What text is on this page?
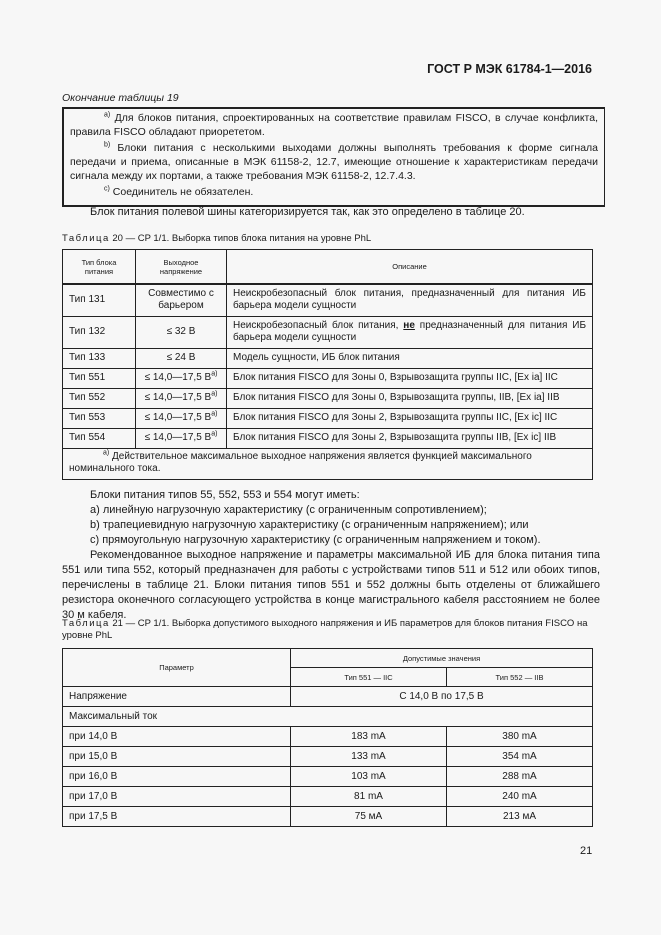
ГОСТ Р МЭК 61784-1—2016
Окончание таблицы 19

$^{a)}$ Для блоков питания, спроектированных на соответствие правилам FISCO, в случае конфликта, правила FISCO обладают приорететом.

$^{b)}$ Блоки питания с несколькими выходами должны выполнять требования к форме сигнала передачи и приема, описанные в МЭК 61158-2, 12.7, имеющие отношение к характеристикам передачи сигнала между их портами, а также требования МЭК 61158-2, 12.7.4.3.

$^{c)}$ Соединитель не обязателен.

Блок питания полевой шины категоризируется так, как это определено в таблице 20.

Таблица 20 — CP 1/1. Выборка типов блока питания на уровне PhL
Тип блока питания	Выходное напряжение	Описание
Тип 131	Совместимо с барьером	Неискробезопасный блок питания, предназначенный для питания ИБ барьера модели сущности
Тип 132	≤ 32 В	Неискробезопасный блок питания, не предназначенный для питания ИБ барьера модели сущности
Тип 133	≤ 24 В	Модель сущности, ИБ блок питания
Тип 551	≤ 14,0—17,5 $В^{a)}$	Блок питания FISCO для Зоны 0, Взрывозащита группы IIC, [Ex ia] IIC
Тип 552	≤ 14,0—17,5 $В^{a)}$	Блок питания FISCO для Зоны 0, Взрывозащита группы, IIB, [Ex ia] IIB
Тип 553	≤ 14,0—17,5 $В^{a)}$	Блок питания FISCO для Зоны 2, Взрывозащита группы IIC, [Ex ic] IIC
Тип 554	≤ 14,0—17,5 $В^{a)}$	Блок питания FISCO для Зоны 2, Взрывозащита группы IIB, [Ex ic] IIB

$^{a)}$ Действительное максимальное выходное напряжения является функцией максимального номинального тока.		

Блоки питания типов 55, 552, 553 и 554 могут иметь:

a) линейную нагрузочную характеристику (с ограниченным сопротивлением);

b) трапециевидную нагрузочную характеристику (с ограниченным напряжением); или

c) прямоугольную нагрузочную характеристику (с ограниченным напряжением и током).

Рекомендованное выходное напряжение и параметры максимальной ИБ для блока питания типа 551 или типа 552, который предназначен для работы с устройствами типов 511 и 512 или обоих типов, перечислены в таблице 21. Блоки питания типов 551 и 552 должны быть отделены от ближайшего резистора оконечного согласующего устройства в конце магистрального кабеля расстоянием не более 30 м кабеля.

Таблица 21 — CP 1/1. Выборка допустимого выходного напряжения и ИБ параметров для блоков питания FISCO на уровне PhL
Параметр	Допустимые значения	
	Тип 551 — IIC	Тип 552 — IIB
Напряжение	С 14,0 В по 17,5 В	
Максимальный ток		
при 14,0 В	183 mA	380 mA
при 15,0 В	133 mA	354 mA
при 16,0 В	103 mA	288 mA
при 17,0 В	81 mA	240 mA
при 17,5 В	75 мА	213 мА
21
